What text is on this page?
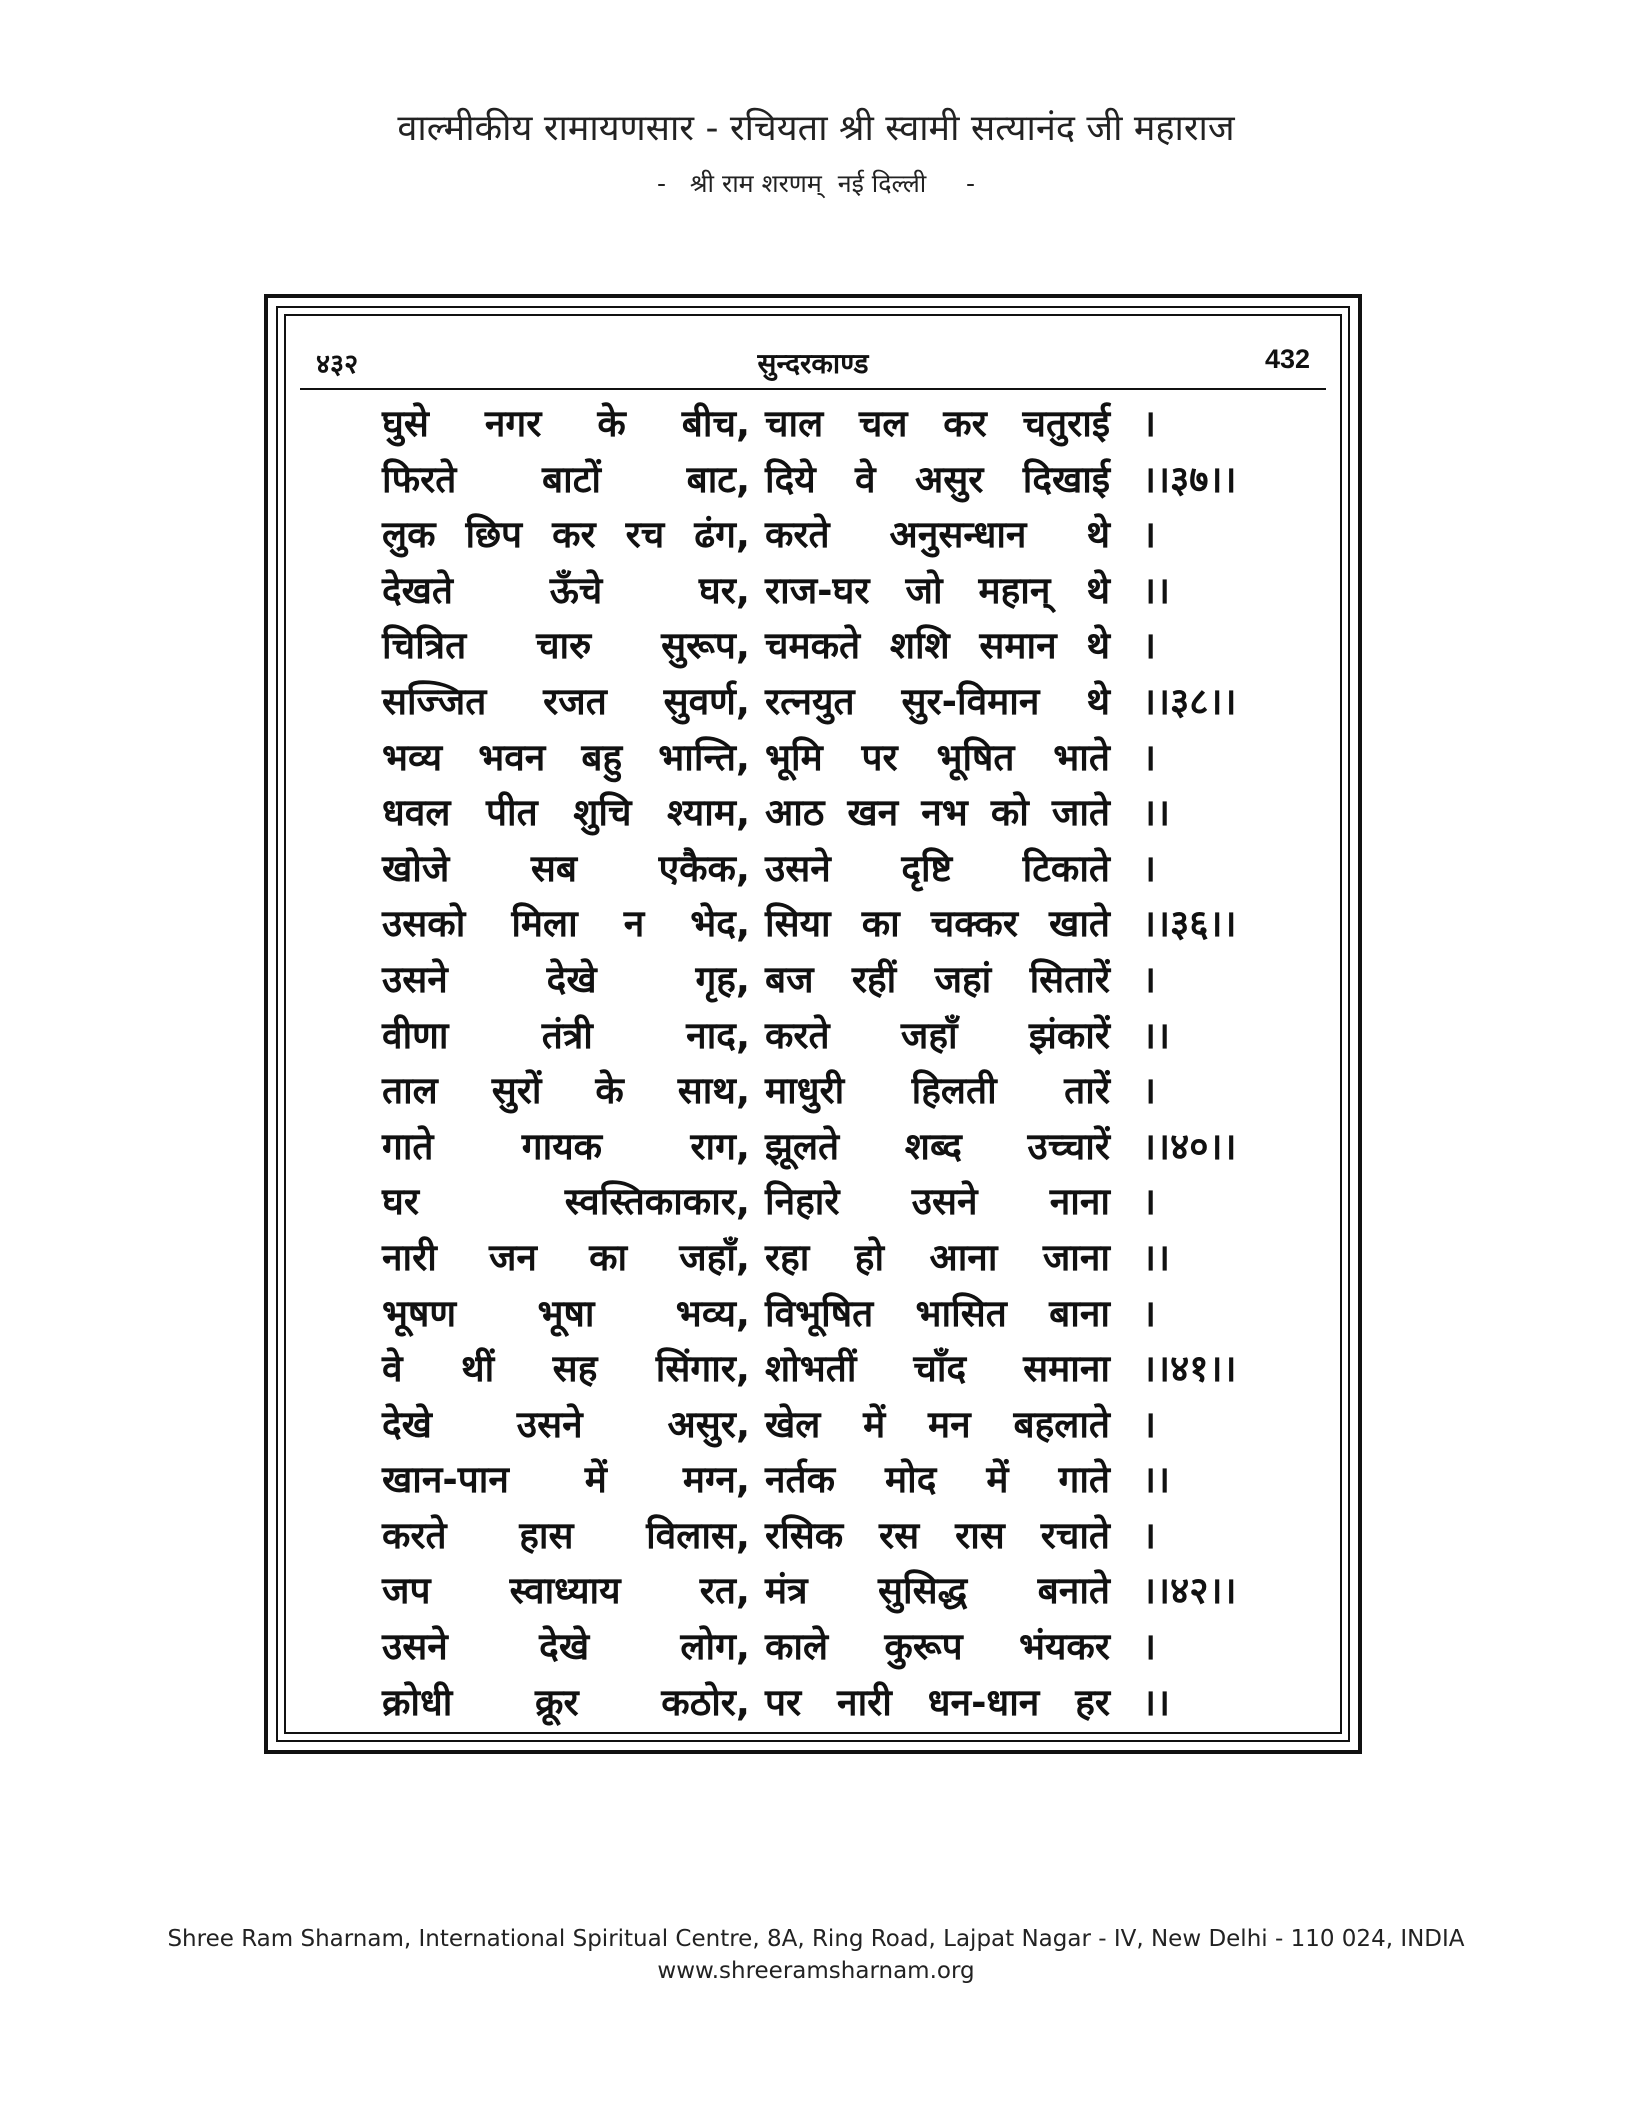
वाल्मीकीय रामायणसार - रचियता श्री स्वामी सत्यानंद जी महाराज
-   श्री राम शरणम्  नई दिल्ली     -
४३२	सुन्दरकाण्ड	432
घुसे नगर के बीच, चाल चल कर चतुराई ।
फिरते बाटों बाट, दिये वे असुर दिखाई ।।३७।।
लुक छिप कर रच ढंग, करते अनुसन्धान थे ।
देखते ऊँचे घर, राज-घर जो महान् थे ।।
चित्रित चारु सुरूप, चमकते शशि समान थे ।
सज्जित रजत सुवर्ण, रत्नयुत सुर-विमान थे ।।३८।।
भव्य भवन बहु भान्ति, भूमि पर भूषित भाते ।
धवल पीत शुचि श्याम, आठ खन नभ को जाते ।।
खोजे सब एकैक, उसने दृष्टि टिकाते ।
उसको मिला न भेद, सिया का चक्कर खाते ।।३६।।
उसने देखे गृह, बज रहीं जहां सितारें ।
वीणा तंत्री नाद, करते जहाँ झंकारें ।।
ताल सुरों के साथ, माधुरी हिलती तारें ।
गाते गायक राग, झूलते शब्द उच्चारें ।।४०।।
घर स्वस्तिकाकार, निहारे उसने नाना ।
नारी जन का जहाँ, रहा हो आना जाना ।।
भूषण भूषा भव्य, विभूषित भासित बाना ।
वे थीं सह सिंगार, शोभतीं चाँद समाना ।।४१।।
देखे उसने असुर, खेल में मन बहलाते ।
खान-पान में मग्न, नर्तक मोद में गाते ।।
करते हास विलास, रसिक रस रास रचाते ।
जप स्वाध्याय रत, मंत्र सुसिद्ध बनाते ।।४२।।
उसने देखे लोग, काले कुरूप भंयकर ।
क्रोधी क्रूर कठोर, पर नारी धन-धान हर ।।
Shree Ram Sharnam, International Spiritual Centre, 8A, Ring Road, Lajpat Nagar - IV, New Delhi - 110 024, INDIA
www.shreeramsharnam.org
